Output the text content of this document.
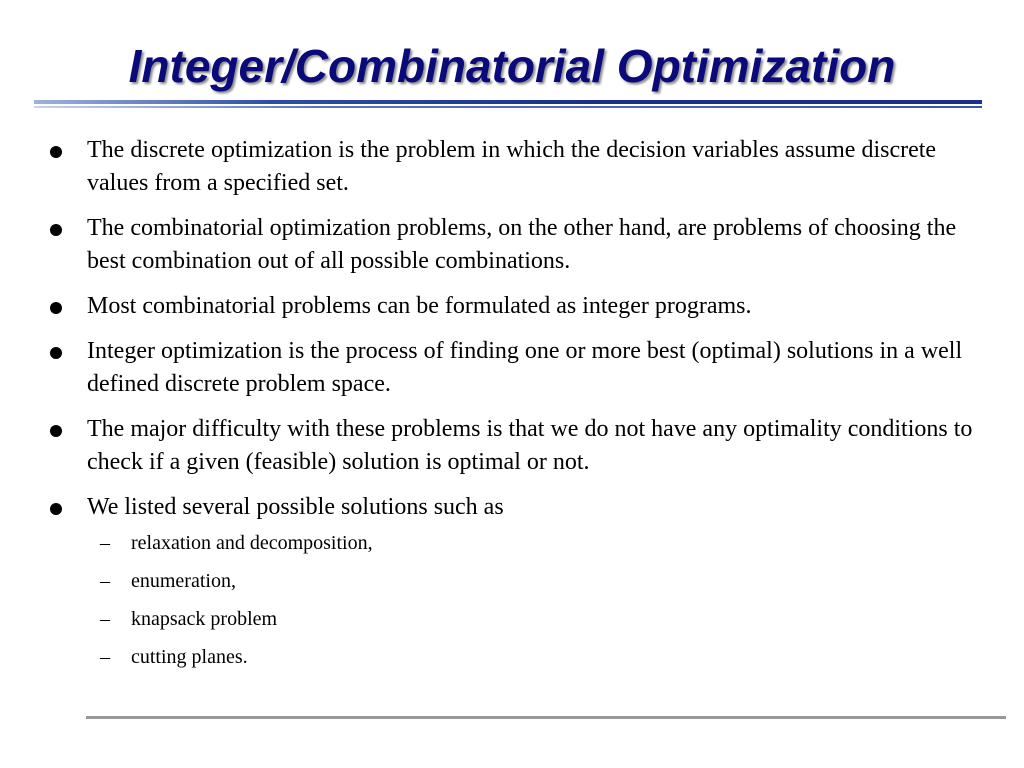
Integer/Combinatorial Optimization
The discrete optimization is the problem in which the decision variables assume discrete values from a specified set.
The combinatorial optimization problems, on the other hand, are problems of choosing the best combination out of all possible combinations.
Most combinatorial problems can be formulated as integer programs.
Integer optimization is the process of finding one or more best (optimal) solutions in a well defined discrete problem space.
The major difficulty with these problems is that we do not have any optimality conditions to check if a given (feasible) solution is optimal or not.
We listed several possible solutions such as
– relaxation and decomposition,
– enumeration,
– knapsack problem
– cutting planes.
